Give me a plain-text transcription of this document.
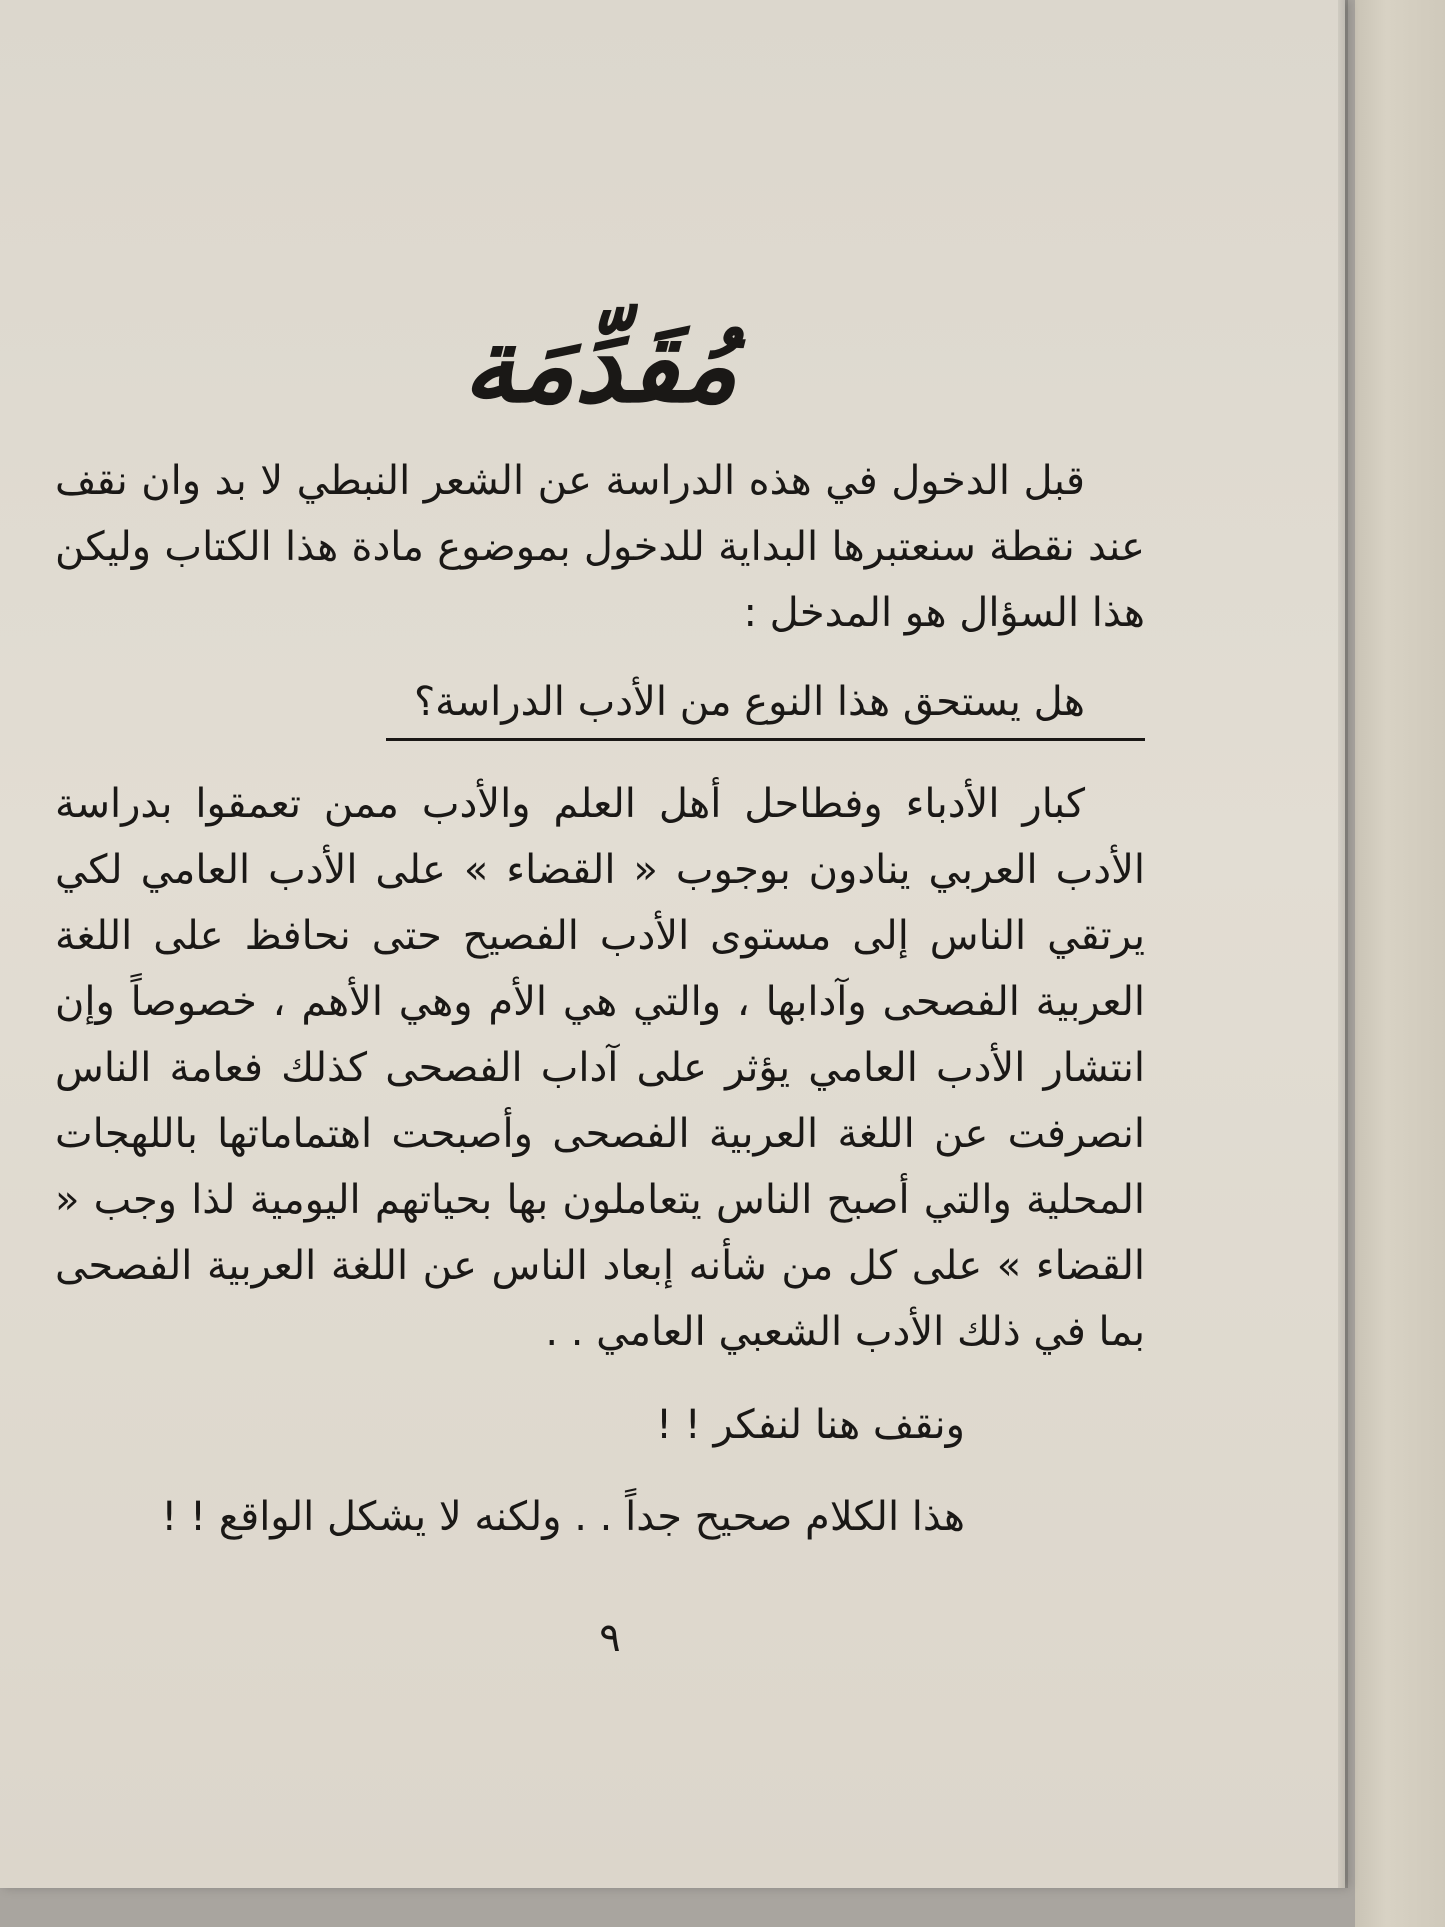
مُقَدِّمَة

قبل الدخول في هذه الدراسة عن الشعر النبطي لا بد وان نقف عند نقطة سنعتبرها البداية للدخول بموضوع مادة هذا الكتاب وليكن هذا السؤال هو المدخل :

هل يستحق هذا النوع من الأدب الدراسة؟

كبار الأدباء وفطاحل أهل العلم والأدب ممن تعمقوا بدراسة الأدب العربي ينادون بوجوب « القضاء » على الأدب العامي لكي يرتقي الناس إلى مستوى الأدب الفصيح حتى نحافظ على اللغة العربية الفصحى وآدابها ، والتي هي الأم وهي الأهم ، خصوصاً وإن انتشار الأدب العامي يؤثر على آداب الفصحى كذلك فعامة الناس انصرفت عن اللغة العربية الفصحى وأصبحت اهتماماتها باللهجات المحلية والتي أصبح الناس يتعاملون بها بحياتهم اليومية لذا وجب « القضاء » على كل من شأنه إبعاد الناس عن اللغة العربية الفصحى بما في ذلك الأدب الشعبي العامي . .

ونقف هنا لنفكر ! !

هذا الكلام صحيح جداً . . ولكنه لا يشكل الواقع ! !

٩
